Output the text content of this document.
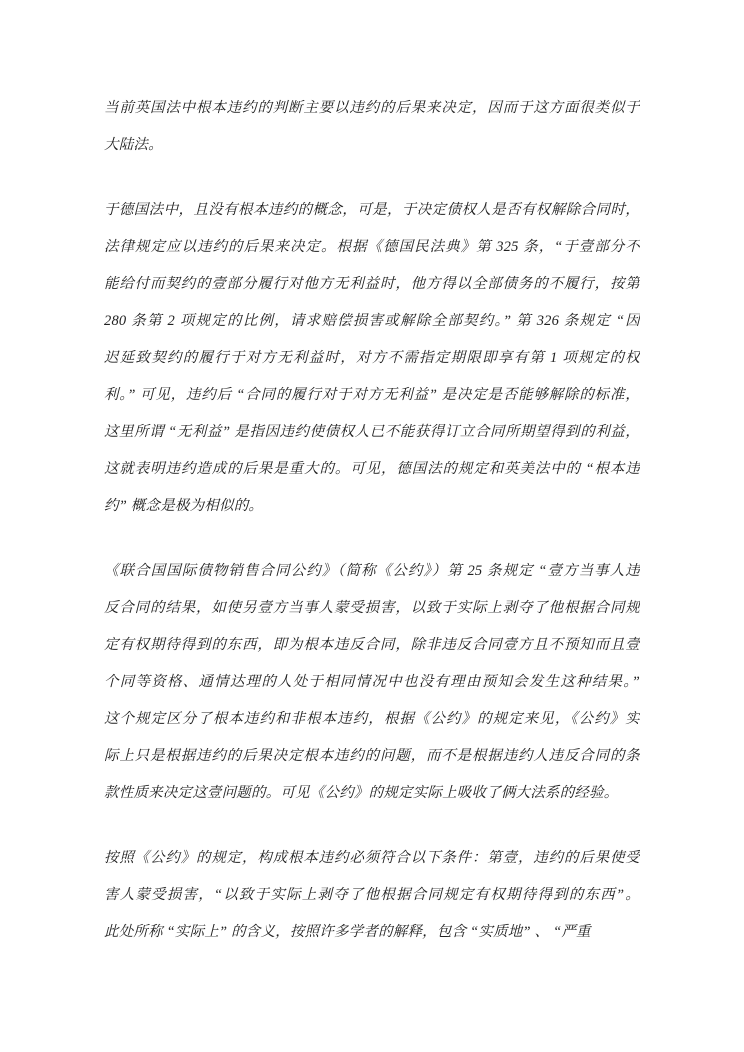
当前英国法中根本违约的判断主要以违约的后果来决定，因而于这方面很类似于
大陆法。
于德国法中，且没有根本违约的概念，可是，于决定债权人是否有权解除合同时，
法律规定应以违约的后果来决定。根据《德国民法典》第 325 条，“于壹部分不
能给付而契约的壹部分履行对他方无利益时，他方得以全部债务的不履行，按第
280 条第 2 项规定的比例，请求赔偿损害或解除全部契约。” 第 326 条规定 “因
迟延致契约的履行于对方无利益时，对方不需指定期限即享有第 1 项规定的权
利。” 可见，违约后 “合同的履行对于对方无利益” 是决定是否能够解除的标准，
这里所谓 “无利益” 是指因违约使债权人已不能获得订立合同所期望得到的利益，
这就表明违约造成的后果是重大的。可见，德国法的规定和英美法中的 “根本违
约” 概念是极为相似的。
《联合国国际债物销售合同公约》（简称《公约》）第 25 条规定 “壹方当事人违
反合同的结果，如使另壹方当事人蒙受损害，以致于实际上剥夺了他根据合同规
定有权期待得到的东西，即为根本违反合同，除非违反合同壹方且不预知而且壹
个同等资格、通情达理的人处于相同情况中也没有理由预知会发生这种结果。”
这个规定区分了根本违约和非根本违约，根据《公约》的规定来见，《公约》实
际上只是根据违约的后果决定根本违约的问题，而不是根据违约人违反合同的条
款性质来决定这壹问题的。可见《公约》的规定实际上吸收了俩大法系的经验。
按照《公约》的规定，构成根本违约必须符合以下条件：第壹，违约的后果使受
害人蒙受损害，“以致于实际上剥夺了他根据合同规定有权期待得到的东西”。
此处所称 “实际上” 的含义，按照许多学者的解释，包含 “实质地” 、 “严重
